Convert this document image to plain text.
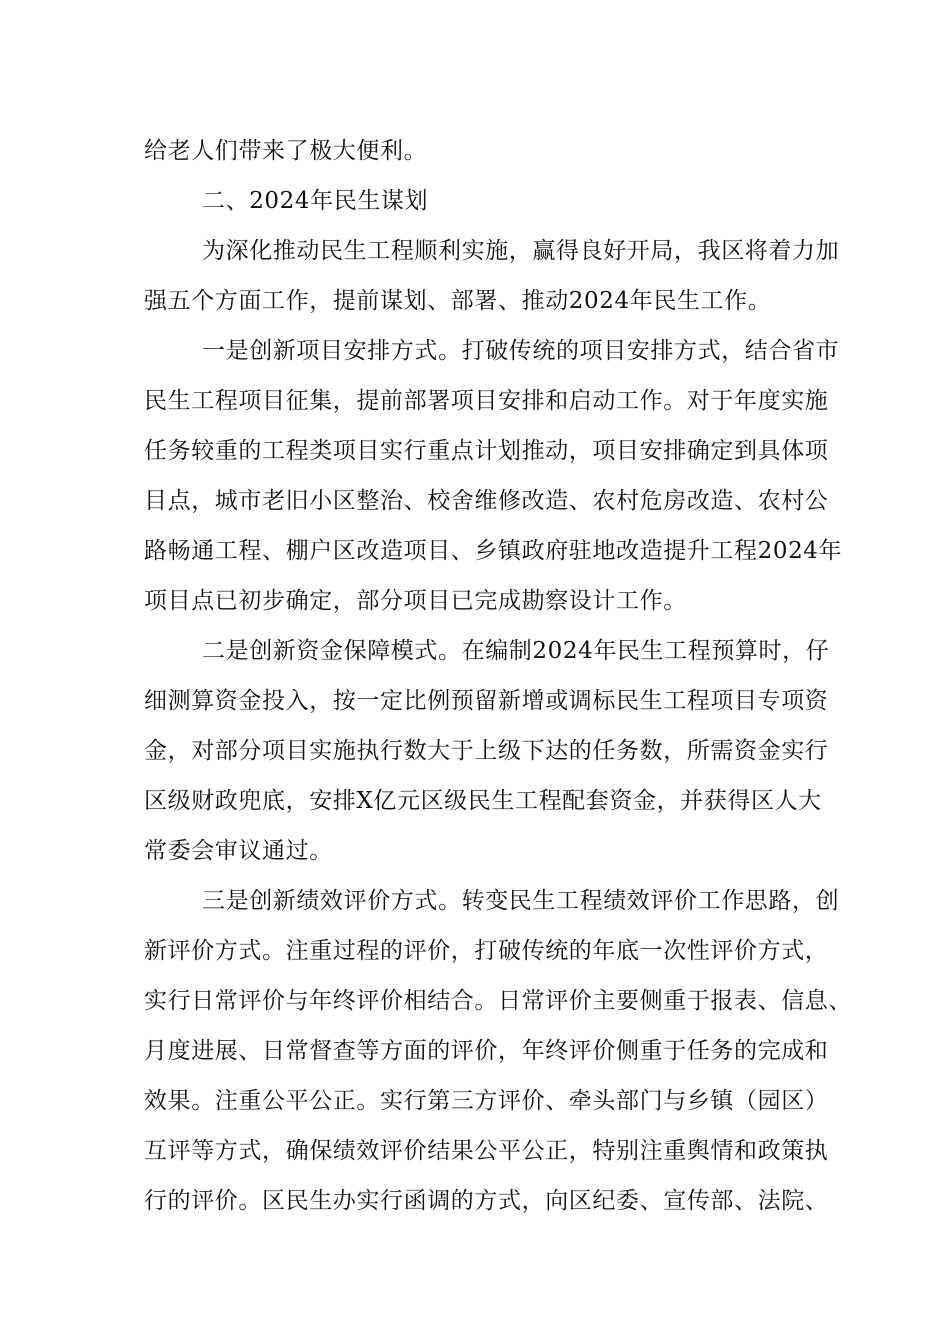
给老人们带来了极大便利。
二、2024年民生谋划
为深化推动民生工程顺利实施，赢得良好开局，我区将着力加
强五个方面工作，提前谋划、部署、推动2024年民生工作。
一是创新项目安排方式。打破传统的项目安排方式，结合省市
民生工程项目征集，提前部署项目安排和启动工作。对于年度实施
任务较重的工程类项目实行重点计划推动，项目安排确定到具体项
目点，城市老旧小区整治、校舍维修改造、农村危房改造、农村公
路畅通工程、棚户区改造项目、乡镇政府驻地改造提升工程2024年
项目点已初步确定，部分项目已完成勘察设计工作。
二是创新资金保障模式。在编制2024年民生工程预算时，仔
细测算资金投入，按一定比例预留新增或调标民生工程项目专项资
金，对部分项目实施执行数大于上级下达的任务数，所需资金实行
区级财政兜底，安排X亿元区级民生工程配套资金，并获得区人大
常委会审议通过。
三是创新绩效评价方式。转变民生工程绩效评价工作思路，创
新评价方式。注重过程的评价，打破传统的年底一次性评价方式，
实行日常评价与年终评价相结合。日常评价主要侧重于报表、信息、
月度进展、日常督查等方面的评价，年终评价侧重于任务的完成和
效果。注重公平公正。实行第三方评价、牵头部门与乡镇（园区）
互评等方式，确保绩效评价结果公平公正，特别注重舆情和政策执
行的评价。区民生办实行函调的方式，向区纪委、宣传部、法院、
